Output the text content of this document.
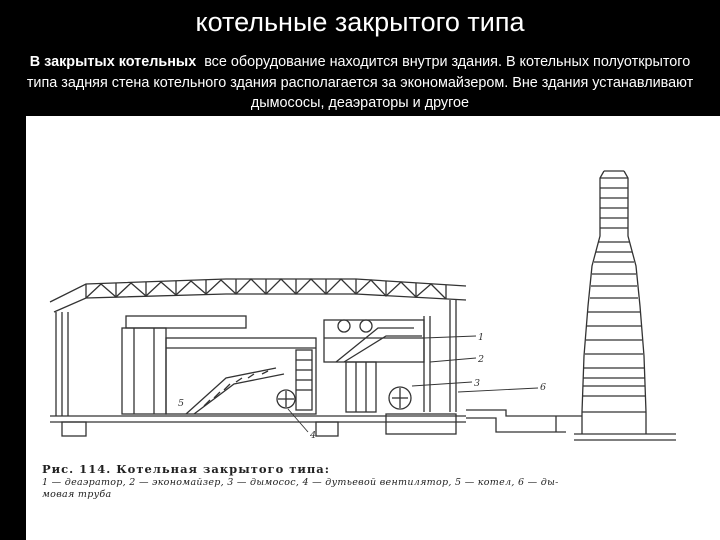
котельные закрытого типа
В закрытых котельных все оборудование находится внутри здания. В котельных полуоткрытого типа задняя стена котельного здания располагается за экономайзером. Вне здания устанавливают дымососы, деаэраторы и другое
1
2
3
4
5
6
Рис. 114. Котельная закрытого типа:
1 — деаэратор, 2 — экономайзер, 3 — дымосос, 4 — дутьевой вентилятор, 5 — котел, 6 — ды-
мовая труба
